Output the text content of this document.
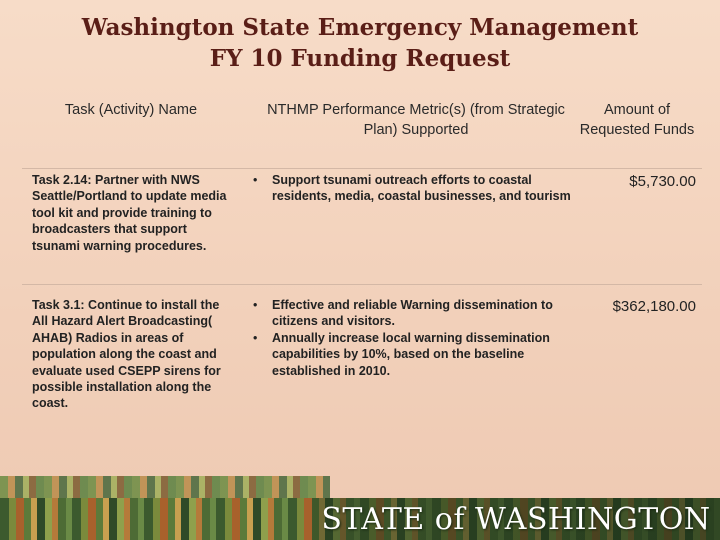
Washington State Emergency Management
FY 10 Funding Request
Task (Activity) Name	NTHMP Performance Metric(s) (from Strategic Plan) Supported
Amount of Requested Funds
Task 2.14: Partner with NWS Seattle/Portland to update media tool kit and provide training to broadcasters that support tsunami warning procedures.
• Support tsunami outreach efforts to coastal residents, media, coastal businesses, and tourism
$5,730.00
Task 3.1: Continue to install the All Hazard Alert Broadcasting( AHAB) Radios in areas of population along the coast and evaluate used CSEPP sirens for possible installation along the coast.
• Effective and reliable Warning dissemination to citizens and visitors.
• Annually increase local warning dissemination capabilities by 10%, based on the baseline established in 2010.
$362,180.00
STATE of WASHINGTON
